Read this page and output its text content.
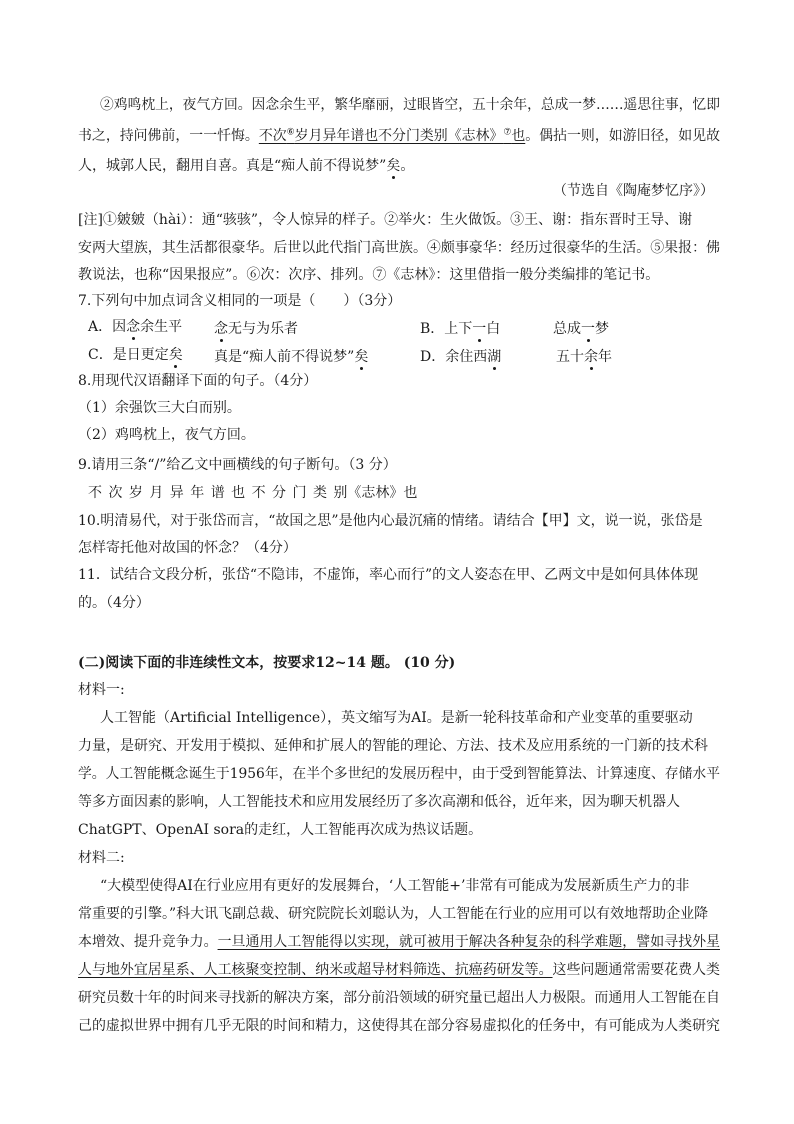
②鸡鸣枕上，夜气方回。因念余生平，繁华靡丽，过眼皆空，五十余年，总成一梦……遥思往事，忆即
书之，持问佛前，一一忏悔。不次⑥岁月异年谱也不分门类别《志林》⑦也。偶拈一则，如游旧径，如见故
人，城郭人民，翻用自喜。真是“痴人前不得说梦”矣。
（节选自《陶庵梦忆序》）
[注]①皴皴（hài）：通“骇骇”，令人惊异的样子。②举火：生火做饭。③王、谢：指东晋时王导、谢
安两大望族，其生活都很豪华。后世以此代指门高世族。④颇事豪华：经历过很豪华的生活。⑤果报：佛
教说法，也称“因果报应”。⑥次：次序、排列。⑦《志林》：这里借指一般分类编排的笔记书。
7.下列句中加点词含义相同的一项是（　　）（3分）
A．因念余生平 念无与为乐者	B．上下一白	总成一梦
C．是日更定矣 真是“痴人前不得说梦”矣	D．余住西湖	五十余年
8.用现代汉语翻译下面的句子。（4分）
（1）余强饮三大白而别。
（2）鸡鸣枕上，夜气方回。
9.请用三条“/”给乙文中画横线的句子断句。（3 分）
不 次 岁 月 异 年 谱 也 不 分 门 类 别《志林》也
10.明清易代，对于张岱而言，“故国之思”是他内心最沉痛的情绪。请结合【甲】文，说一说，张岱是
怎样寄托他对故国的怀念？（4分）
11．试结合文段分析，张岱“不隐讳，不虚饰，率心而行”的文人姿态在甲、乙两文中是如何具体体现
的。（4分）
(二)阅读下面的非连续性文本，按要求12~14 题。 (10 分)
材料一:
人工智能（Artificial Intelligence），英文缩写为AI。是新一轮科技革命和产业变革的重要驱动
力量，是研究、开发用于模拟、延伸和扩展人的智能的理论、方法、技术及应用系统的一门新的技术科
学。人工智能概念诞生于1956年，在半个多世纪的发展历程中，由于受到智能算法、计算速度、存储水平
等多方面因素的影响，人工智能技术和应用发展经历了多次高潮和低谷，近年来，因为聊天机器人
ChatGPT、OpenAI sora的走红，人工智能再次成为热议话题。
材料二:
“大模型使得AI在行业应用有更好的发展舞台，‘人工智能+’非常有可能成为发展新质生产力的非
常重要的引擎。”科大讯飞副总裁、研究院院长刘聪认为，人工智能在行业的应用可以有效地帮助企业降
本增效、提升竞争力。一旦通用人工智能得以实现，就可被用于解决各种复杂的科学难题，譬如寻找外星
人与地外宜居星系、人工核聚变控制、纳米或超导材料筛选、抗癌药研发等。这些问题通常需要花费人类
研究员数十年的时间来寻找新的解决方案，部分前沿领域的研究量已超出人力极限。而通用人工智能在自
己的虚拟世界中拥有几乎无限的时间和精力，这使得其在部分容易虚拟化的任务中，有可能成为人类研究
